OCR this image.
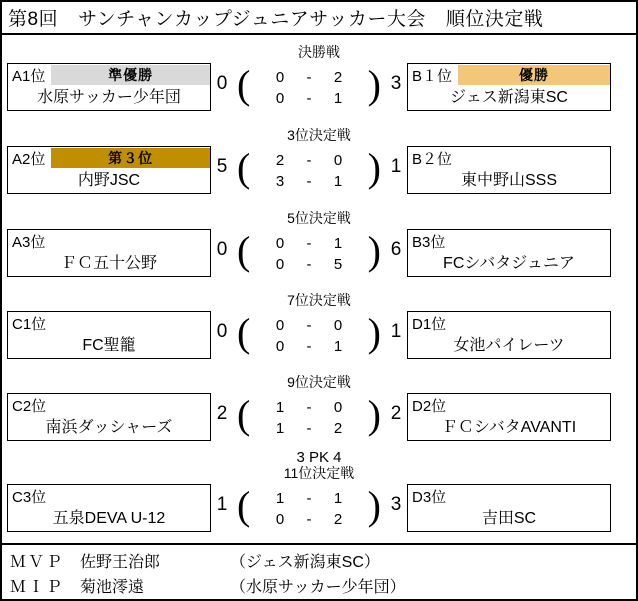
第8回 サンチャンカップジュニアサッカー大会 順位決定戦
決勝戦
A1位	準優勝
水原サッカー少年団
0 (	0	-	2
0	-	1 ) 3 B１位	優勝
ジェス新潟東SC
3位決定戦
A2位	第３位
内野JSC
5 (	2	-	0
3	-	1 ) 1 B２位
東中野山SSS
5位決定戦
A3位
ＦＣ五十公野
0 (	0	-	1
0	-	5 ) 6 B3位
FCシバタジュニア
7位決定戦
C1位
FC聖籠
0 (	0	-	0
0	-	1 ) 1 D1位
女池パイレーツ
9位決定戦
C2位
南浜ダッシャーズ
2 (	1	-	0
1	-	2 ) 2 D2位
ＦＣシバタAVANTI
3 PK 4
11位決定戦
C3位
五泉DEVA U-12
1 (	1	-	1
0	-	2 ) 3 D3位
吉田SC
ＭＶＰ 佐野王治郎	（ジェス新潟東SC）
ＭＩＰ 菊池澪遠	（水原サッカー少年団）
